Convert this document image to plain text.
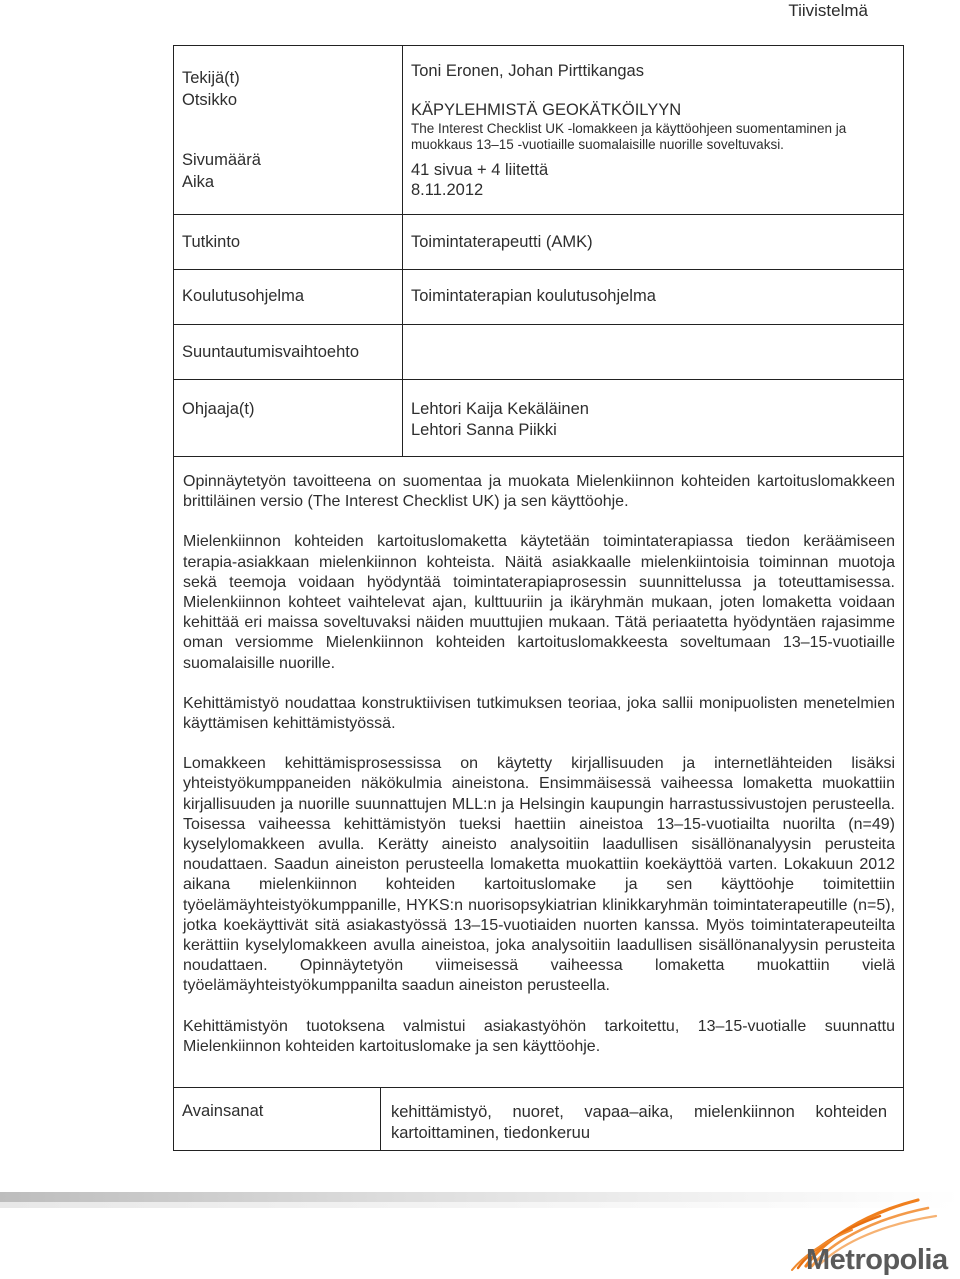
Tiivistelmä
Tekijä(t)
Otsikko
Sivumäärä
Aika
Tutkinto
Koulutusohjelma
Suuntautumisvaihtoehto
Ohjaaja(t)
Toni Eronen, Johan Pirttikangas
KÄPYLEHMISTÄ GEOKÄTKÖILYYN
The Interest Checklist UK -lomakkeen ja käyttöohjeen suomentaminen ja
muokkaus 13–15 -vuotiaille suomalaisille nuorille soveltuvaksi.
41 sivua + 4 liitettä
8.11.2012
Toimintaterapeutti (AMK)
Toimintaterapian koulutusohjelma
Lehtori Kaija Kekäläinen
Lehtori Sanna Piikki

Opinnäytetyön tavoitteena on suomentaa ja muokata Mielenkiinnon kohteiden kartoituslomakkeen brittiläinen versio (The Interest Checklist UK) ja sen käyttöohje.

Mielenkiinnon kohteiden kartoituslomaketta käytetään toimintaterapiassa tiedon keräämiseen terapia-asiakkaan mielenkiinnon kohteista. Näitä asiakkaalle mielenkiintoisia toiminnan muotoja sekä teemoja voidaan hyödyntää toimintaterapiaprosessin suunnittelussa ja toteuttamisessa. Mielenkiinnon kohteet vaihtelevat ajan, kulttuuriin ja ikäryhmän mukaan, joten lomaketta voidaan kehittää eri maissa soveltuvaksi näiden muuttujien mukaan. Tätä periaatetta hyödyntäen rajasimme oman versiomme Mielenkiinnon kohteiden kartoituslomakkeesta soveltumaan 13–15-vuotiaille suomalaisille nuorille.

Kehittämistyö noudattaa konstruktiivisen tutkimuksen teoriaa, joka sallii monipuolisten menetelmien käyttämisen kehittämistyössä.

Lomakkeen kehittämisprosessissa on käytetty kirjallisuuden ja internetlähteiden lisäksi yhteistyökumppaneiden näkökulmia aineistona. Ensimmäisessä vaiheessa lomaketta muokattiin kirjallisuuden ja nuorille suunnattujen MLL:n ja Helsingin kaupungin harrastussivustojen perusteella. Toisessa vaiheessa kehittämistyön tueksi haettiin aineistoa 13–15-vuotiailta nuorilta (n=49) kyselylomakkeen avulla. Kerätty aineisto analysoitiin laadullisen sisällönanalyysin perusteita noudattaen. Saadun aineiston perusteella lomaketta muokattiin koekäyttöä varten. Lokakuun 2012 aikana mielenkiinnon kohteiden kartoituslomake ja sen käyttöohje toimitettiin työelämäyhteistyökumppanille, HYKS:n nuorisopsykiatrian klinikkaryhmän toimintaterapeutille (n=5), jotka koekäyttivät sitä asiakastyössä 13–15-vuotiaiden nuorten kanssa. Myös toimintaterapeuteilta kerättiin kyselylomakkeen avulla aineistoa, joka analysoitiin laadullisen sisällönanalyysin perusteita noudattaen. Opinnäytetyön viimeisessä vaiheessa lomaketta muokattiin vielä työelämäyhteistyökumppanilta saadun aineiston perusteella.

Kehittämistyön tuotoksena valmistui asiakastyöhön tarkoitettu, 13–15-vuotialle suunnattu Mielenkiinnon kohteiden kartoituslomake ja sen käyttöohje.

Avainsanat	kehittämistyö, nuoret, vapaa–aika, mielenkiinnon kohteiden kartoittaminen, tiedonkeruu
Metropolia
